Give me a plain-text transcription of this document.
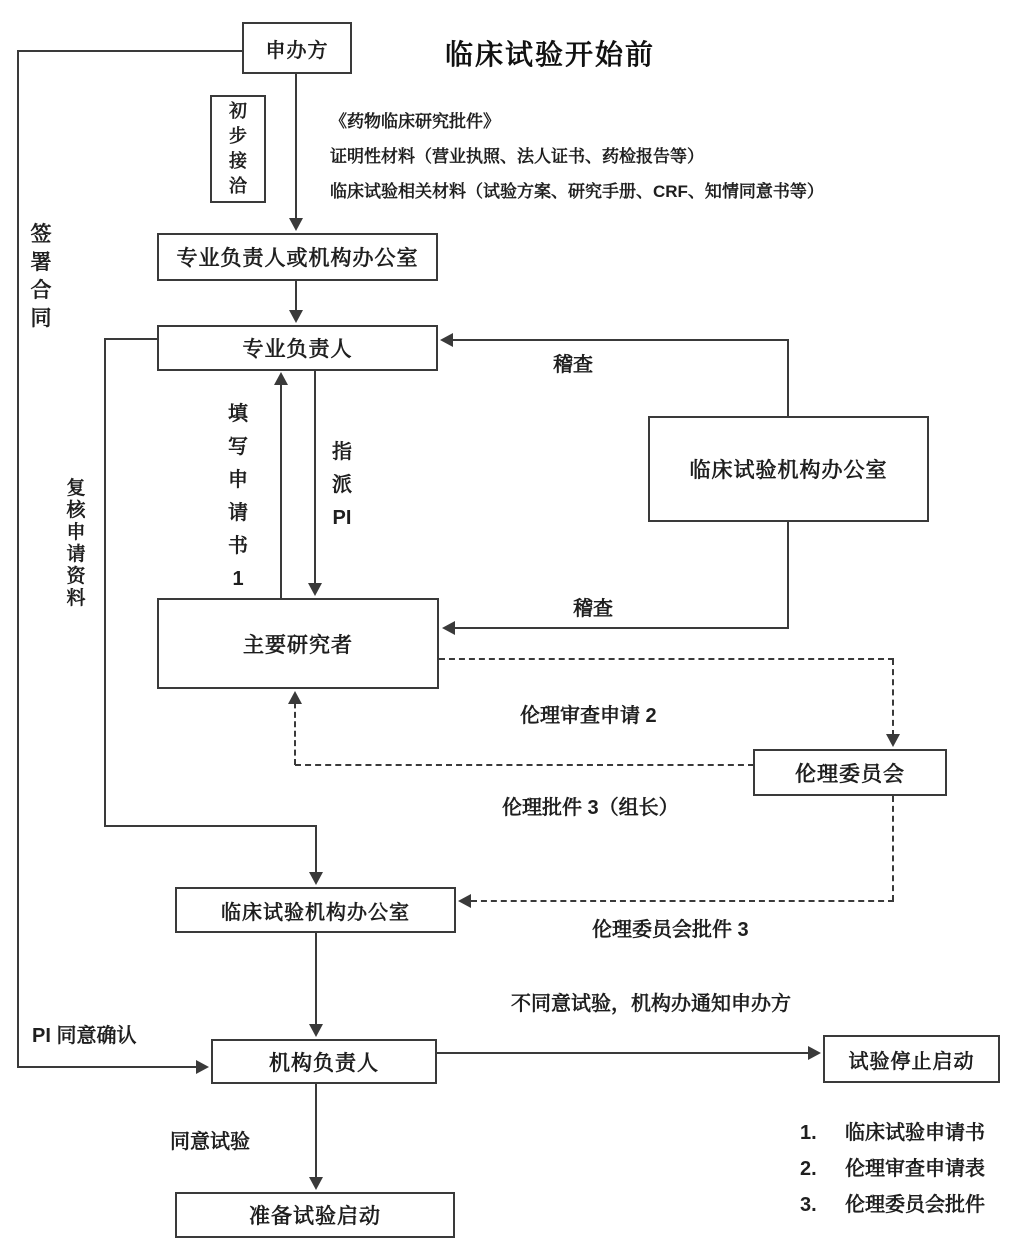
临床试验开始前
《药物临床研究批件》
证明性材料（营业执照、法人证书、药检报告等）
临床试验相关材料（试验方案、研究手册、CRF、知情同意书等）
申办方
初步接洽
专业负责人或机构办公室
专业负责人
临床试验机构办公室
主要研究者
伦理委员会
临床试验机构办公室
机构负责人	试验停止启动
准备试验启动
签署合同
复核申请资料
填写申请书1
指派PI
稽查
稽查
伦理审查申请 2
伦理批件 3（组长）
伦理委员会批件 3
不同意试验，机构办通知申办方
PI 同意确认
同意试验	1.	临床试验申请书
2.	伦理审查申请表
3.	伦理委员会批件
